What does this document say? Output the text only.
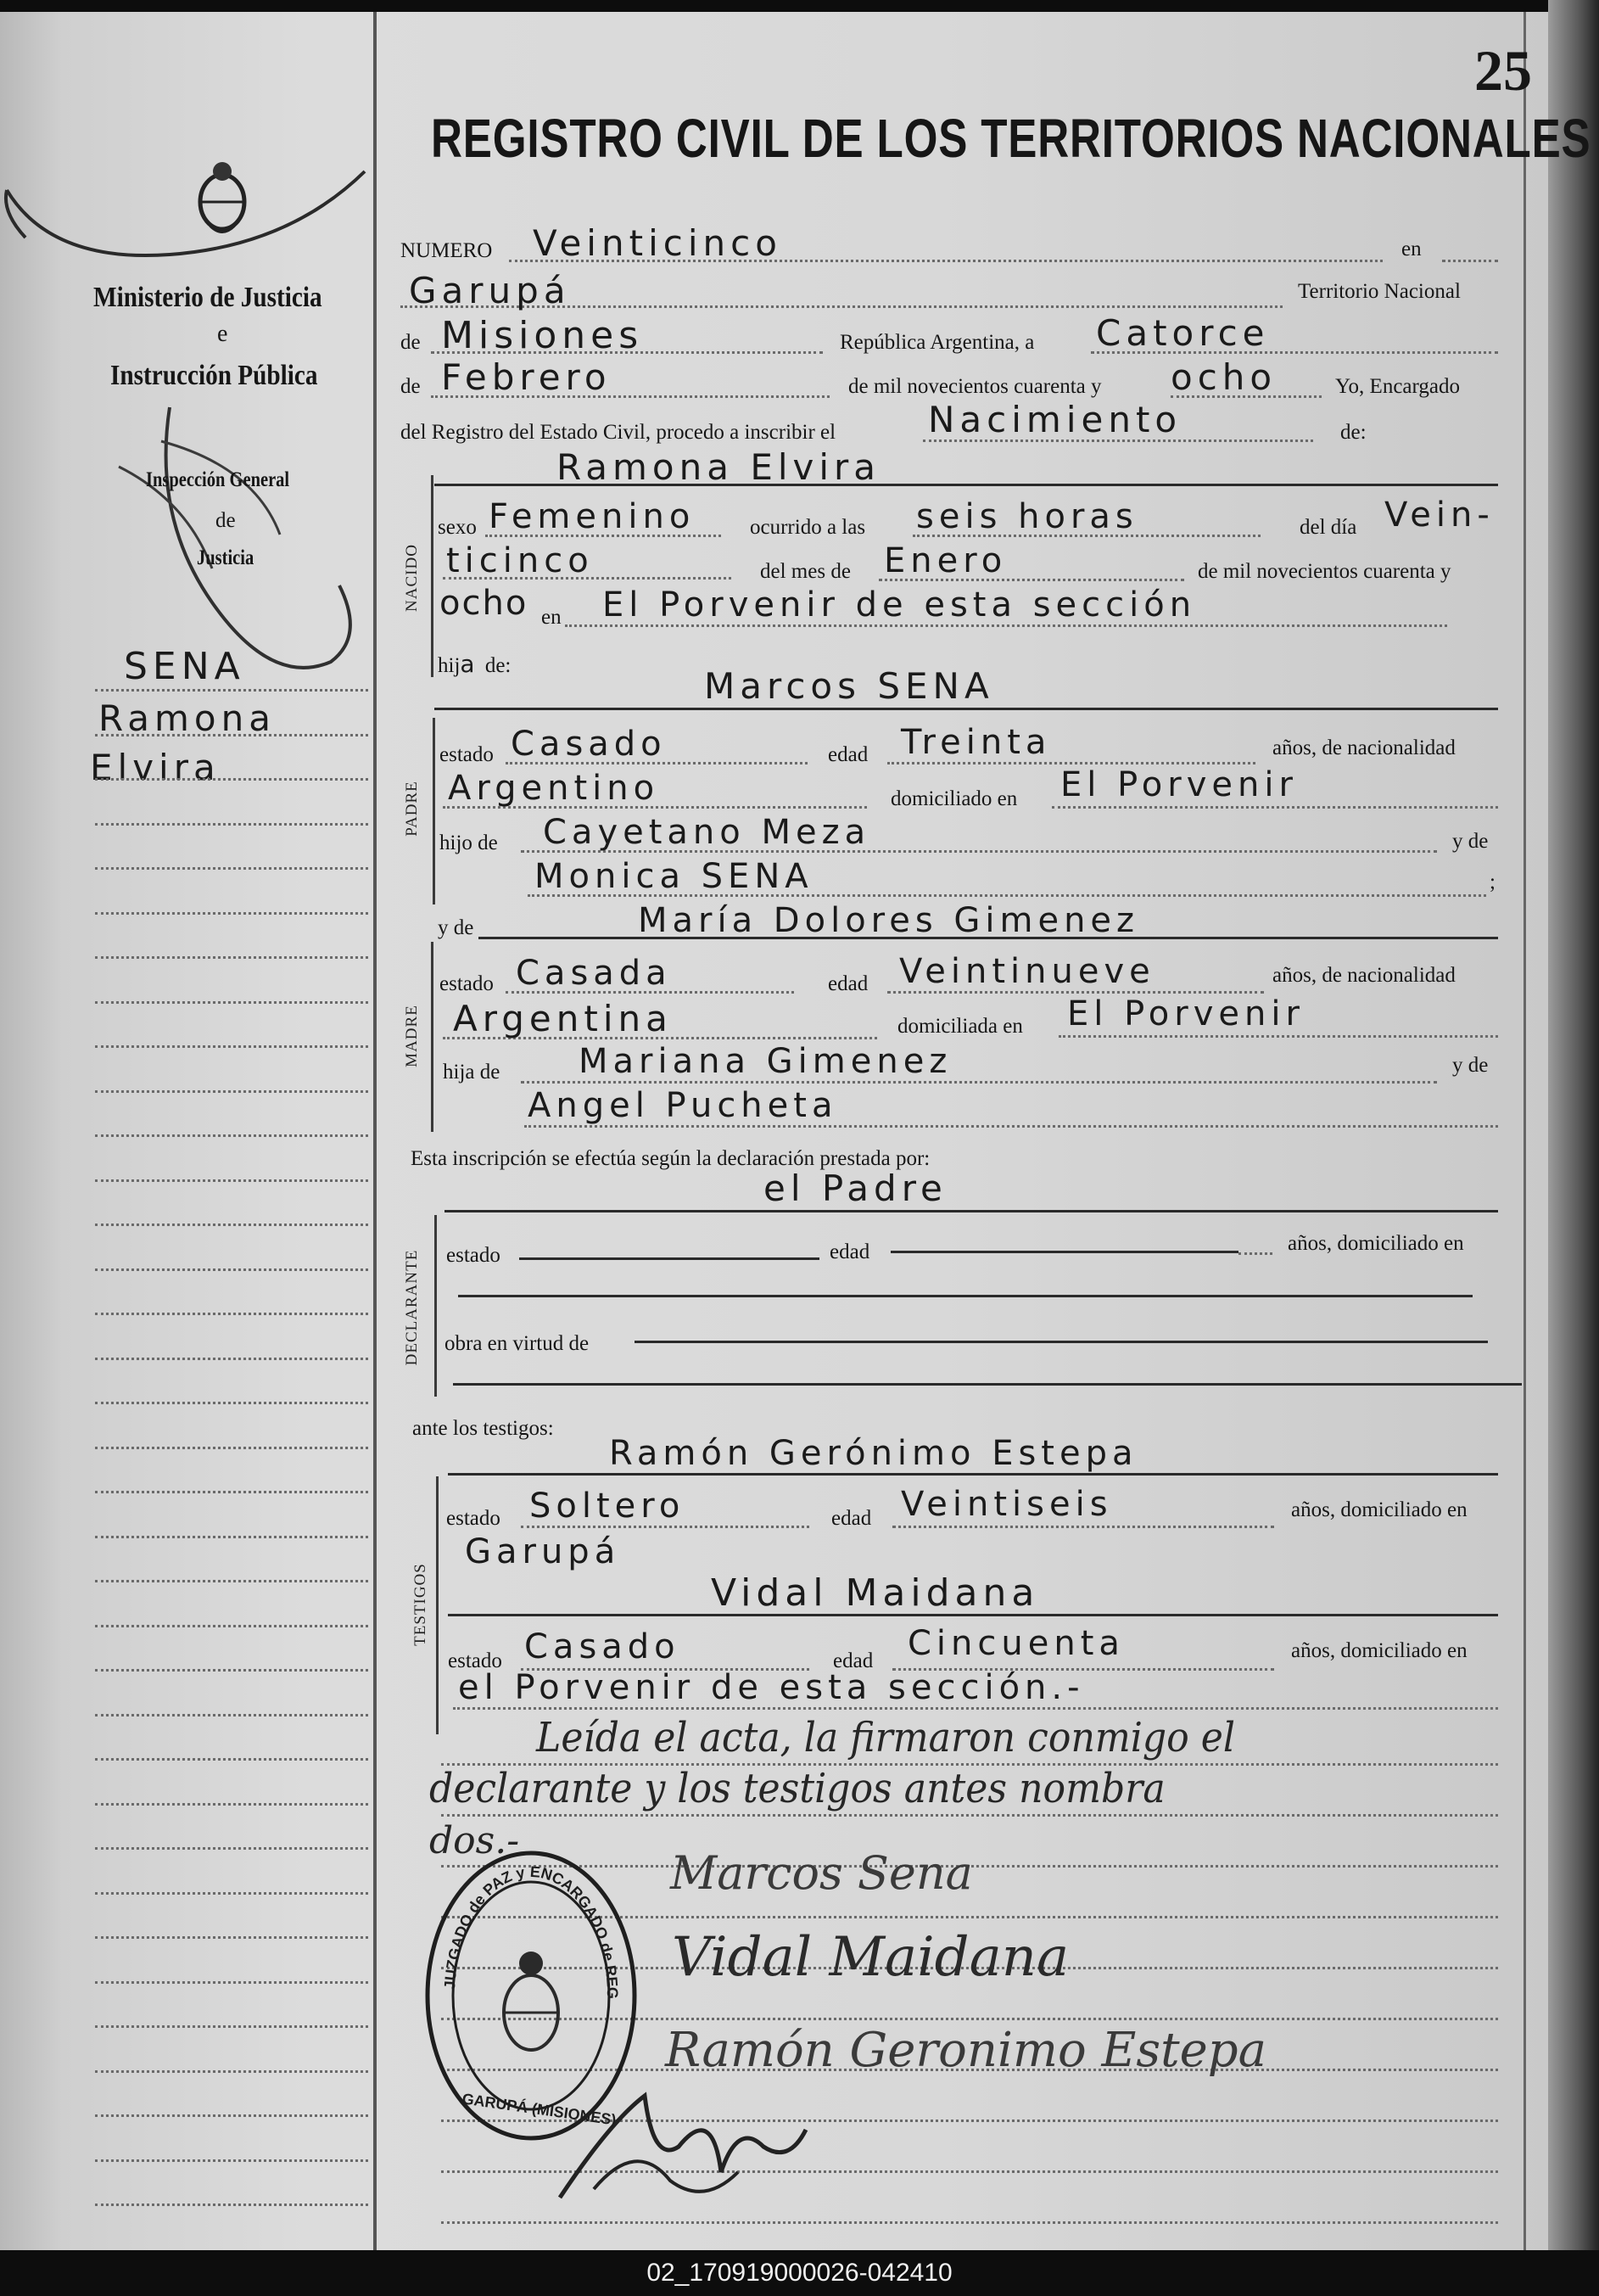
25
REGISTRO CIVIL DE LOS TERRITORIOS NACIONALES
Ministerio de Justicia
e
Instrucción Pública
Inspección General
de
Justicia
SENA
Ramona
Elvira
NUMERO Veinticinco	en
Garupá	Territorio Nacional
de Misiones	República Argentina, a Catorce
de Febrero	de mil novecientos cuarenta y ocho	Yo, Encargado
del Registro del Estado Civil, procedo a inscribir el	Nacimiento	de:
NACIDO
Ramona Elvira
sexo Femenino	ocurrido a las seis horas	del día Vein-
ticinco	del mes de Enero	de mil novecientos cuarenta y
ocho en El Porvenir de esta sección
hija de:	Marcos SENA
PADRE
estado Casado	edad Treinta	años, de nacionalidad
Argentino	domiciliado en El Porvenir
hijo de Cayetano Meza	y de
Monica SENA	;
y de	María Dolores Gimenez
MADRE
estado Casada	edad Veintinueve	años, de nacionalidad
Argentina	domiciliada en El Porvenir
hija de Mariana Gimenez	y de
Angel Pucheta
Esta inscripción se efectúa según la declaración prestada por:
el Padre
DECLARANTE estado	edad	años, domiciliado en
obra en virtud de
ante los testigos:
Ramón Gerónimo Estepa
TESTIGOS
estado Soltero	edad Veintiseis	años, domiciliado en
Garupá
Vidal Maidana
estado Casado	edad Cincuenta	años, domiciliado en
el Porvenir de esta sección.-
Leída el acta, la firmaron conmigo el
declarante y los testigos antes nombra
dos.-
Marcos Sena
Vidal Maidana
Ramón Geronimo Estepa
JUZGADO de PAZ y ENCARGADO de REG
GARUPÁ (MISIONES)
02_170919000026-042410
